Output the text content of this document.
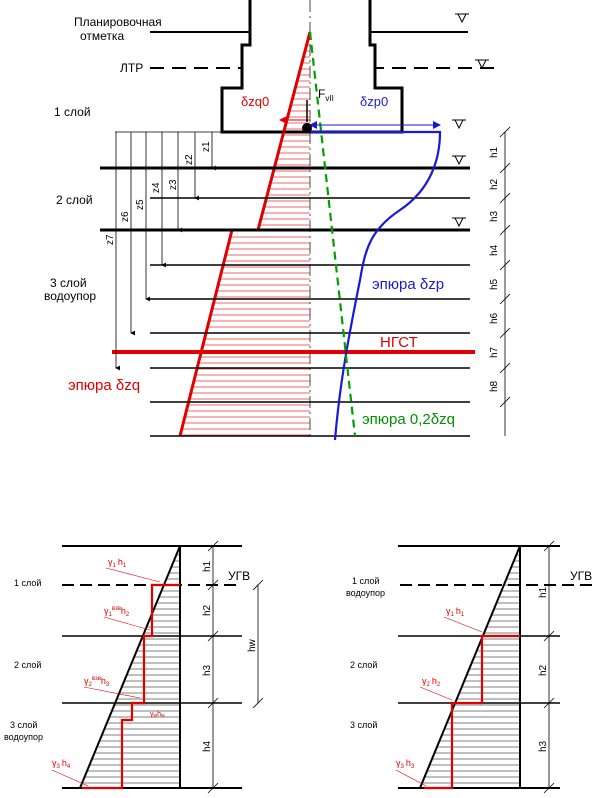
Планировочная
отметка
ЛТР
НГСТ
δzq0	δzp0
$F_{vII}$
1 слой
2 слой
3 слой
водоупор
эпюра δzp
эпюра δzq
эпюра 0,2δzq
z1
z2
z3
z4
z5
z6
z7
h1
h2
h3
h4
h5
h6
h7
h8
УГВ
1 слой
2 слой
3 слой
водоупор
$\gamma_1$ $h_1$
$\gamma_1^{взв}h_2$
$\gamma_2^{взв}h_3$
γwhw
$\gamma_3$ $h_4$
h1
h2
h3
h4
hw
УГВ
1 слой
водоупор
2 слой
3 слой
$\gamma_1$ $h_1$
$\gamma_2$ $h_2$
$\gamma_3$ $h_3$
h1
h2
h3
